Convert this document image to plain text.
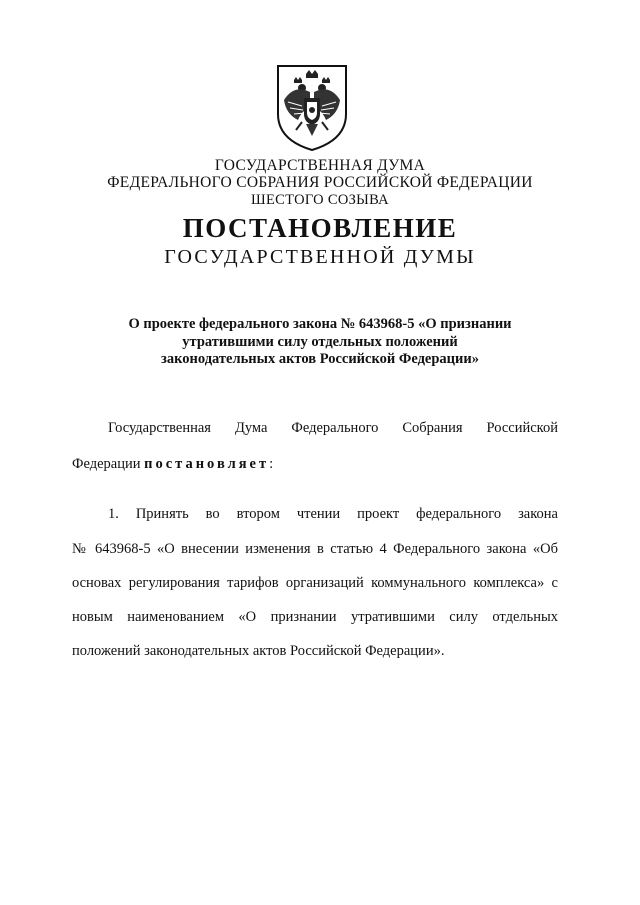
ГОСУДАРСТВЕННАЯ ДУМА
ФЕДЕРАЛЬНОГО СОБРАНИЯ РОССИЙСКОЙ ФЕДЕРАЦИИ
ШЕСТОГО СОЗЫВА
ПОСТАНОВЛЕНИЕ
ГОСУДАРСТВЕННОЙ ДУМЫ
О проекте федерального закона № 643968-5 «О признании
утратившими силу отдельных положений
законодательных актов Российской Федерации»
Государственная Дума Федерального Собрания Российской
Федерации постановляет:
1. Принять во втором чтении проект федерального закона
№ 643968-5 «О внесении изменения в статью 4 Федерального закона «Об
основах регулирования тарифов организаций коммунального комплекса» с
новым наименованием «О признании утратившими силу отдельных
положений законодательных актов Российской Федерации».
